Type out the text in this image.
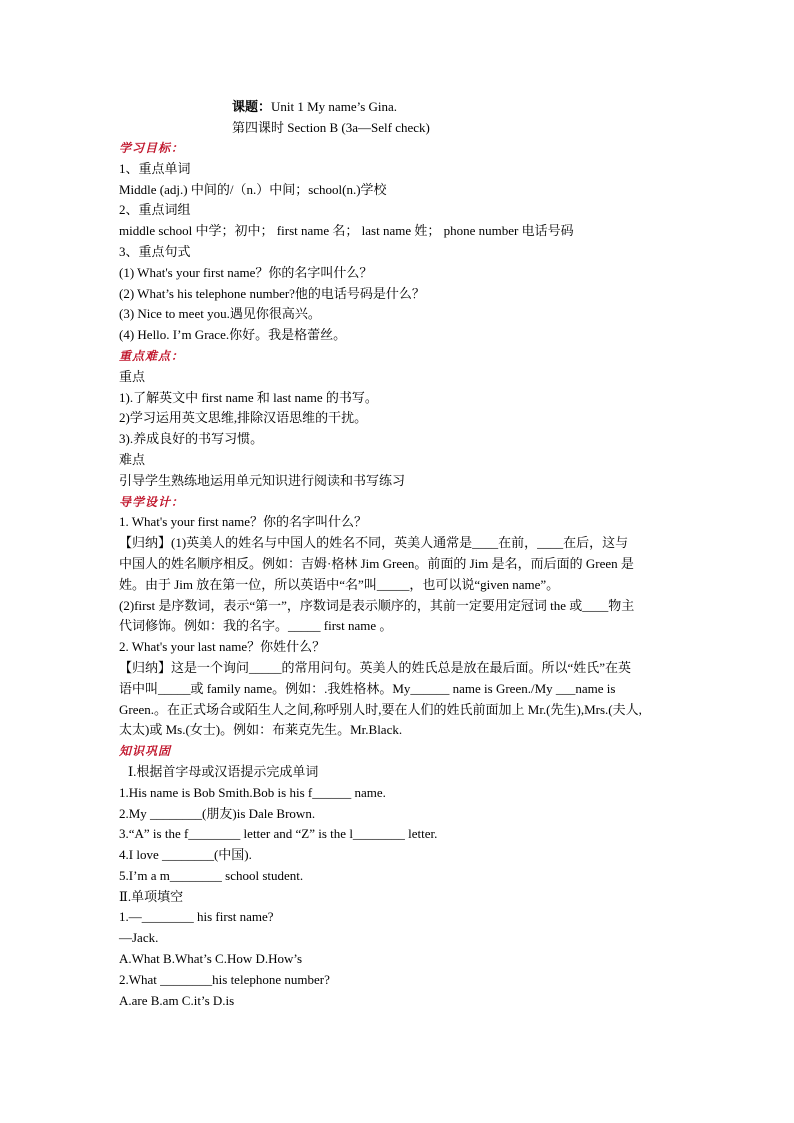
课题：Unit 1 My name’s Gina.
第四课时 Section B (3a—Self check)
学习目标：
1、重点单词
Middle (adj.) 中间的/（n.）中间；school(n.)学校
2、重点词组
middle school 中学；初中； first name 名； last name 姓； phone number 电话号码
3、重点句式
(1) What's your first name？你的名字叫什么？
(2) What’s his telephone number?他的电话号码是什么？
(3) Nice to meet you.遇见你很高兴。
(4) Hello. I’m Grace.你好。我是格蕾丝。
重点难点：
重点
1).了解英文中 first name 和 last name 的书写。
2)学习运用英文思维,排除汉语思维的干扰。
3).养成良好的书写习惯。
难点
引导学生熟练地运用单元知识进行阅读和书写练习
导学设计：
1. What's your first name？你的名字叫什么？
【归纳】(1)英美人的姓名与中国人的姓名不同，英美人通常是____在前，____在后，这与
中国人的姓名顺序相反。例如：吉姆·格林 Jim Green。前面的 Jim 是名，而后面的 Green 是
姓。由于 Jim 放在第一位，所以英语中“名”叫_____，也可以说“given name”。
(2)first 是序数词，表示“第一”，序数词是表示顺序的，其前一定要用定冠词 the 或____物主
代词修饰。例如：我的名字。_____ first name 。
2. What's your last name？你姓什么？
【归纳】这是一个询问_____的常用问句。英美人的姓氏总是放在最后面。所以“姓氏”在英
语中叫_____或 family name。例如：.我姓格林。My______ name is Green./My ___name is
Green.。在正式场合或陌生人之间,称呼别人时,要在人们的姓氏前面加上 Mr.(先生),Mrs.(夫人,
太太)或 Ms.(女士)。例如：布莱克先生。Mr.Black.
知识巩固
Ⅰ.根据首字母或汉语提示完成单词
1.His name is Bob Smith.Bob is his f______ name.
2.My ________(朋友)is Dale Brown.
3.“A” is the f________ letter and “Z” is the l________ letter.
4.I love ________(中国).
5.I’m a m________ school student.
Ⅱ.单项填空
1.—________ his first name?
—Jack.
A.What B.What’s C.How D.How’s
2.What ________his telephone number?
A.are B.am C.it’s D.is
